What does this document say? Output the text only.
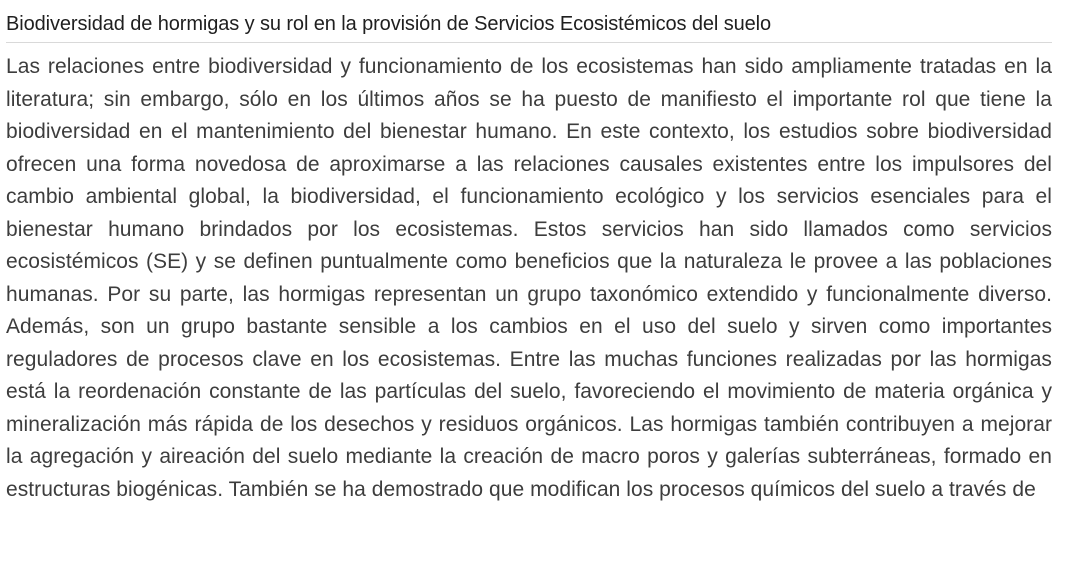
Biodiversidad de hormigas y su rol en la provisión de Servicios Ecosistémicos del suelo

Las relaciones entre biodiversidad y funcionamiento de los ecosistemas han sido ampliamente tratadas en la literatura; sin embargo, sólo en los últimos años se ha puesto de manifiesto el importante rol que tiene la biodiversidad en el mantenimiento del bienestar humano. En este contexto, los estudios sobre biodiversidad ofrecen una forma novedosa de aproximarse a las relaciones causales existentes entre los impulsores del cambio ambiental global, la biodiversidad, el funcionamiento ecológico y los servicios esenciales para el bienestar humano brindados por los ecosistemas. Estos servicios han sido llamados como servicios ecosistémicos (SE) y se definen puntualmente como beneficios que la naturaleza le provee a las poblaciones humanas. Por su parte, las hormigas representan un grupo taxonómico extendido y funcionalmente diverso. Además, son un grupo bastante sensible a los cambios en el uso del suelo y sirven como importantes reguladores de procesos clave en los ecosistemas. Entre las muchas funciones realizadas por las hormigas está la reordenación constante de las partículas del suelo, favoreciendo el movimiento de materia orgánica y mineralización más rápida de los desechos y residuos orgánicos. Las hormigas también contribuyen a mejorar la agregación y aireación del suelo mediante la creación de macro poros y galerías subterráneas, formado en estructuras biogénicas. También se ha demostrado que modifican los procesos químicos del suelo a través de
